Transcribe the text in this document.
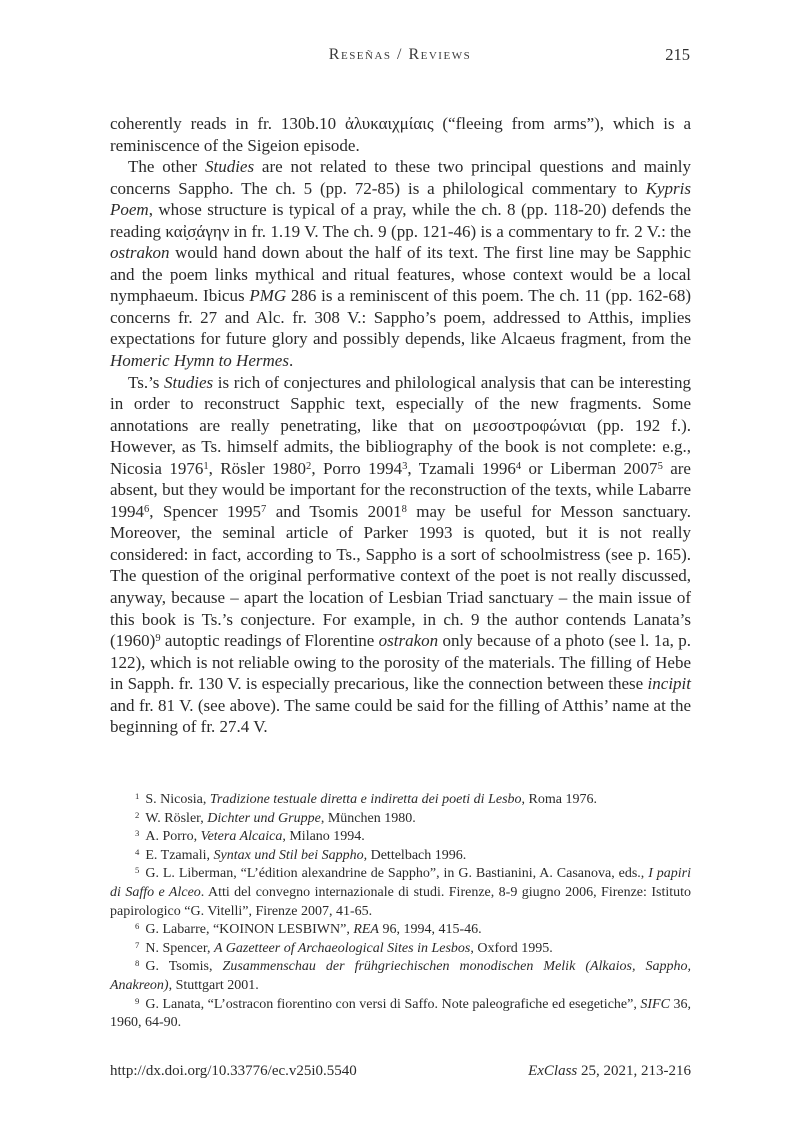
Reseñas / Reviews	215

coherently reads in fr. 130b.10 ἀλυκαιχμίαις (“fleeing from arms”), which is a reminiscence of the Sigeion episode.

The other Studies are not related to these two principal questions and mainly concerns Sappho. The ch. 5 (pp. 72-85) is a philological commentary to Kypris Poem, whose structure is typical of a pray, while the ch. 8 (pp. 118-20) defends the reading καἰ̣σ̣άγην in fr. 1.19 V. The ch. 9 (pp. 121-46) is a commentary to fr. 2 V.: the ostrakon would hand down about the half of its text. The first line may be Sapphic and the poem links mythical and ritual features, whose context would be a local nymphaeum. Ibicus PMG 286 is a reminiscent of this poem. The ch. 11 (pp. 162-68) concerns fr. 27 and Alc. fr. 308 V.: Sappho’s poem, addressed to Atthis, implies expectations for future glory and possibly depends, like Alcaeus fragment, from the Homeric Hymn to Hermes.

Ts.’s Studies is rich of conjectures and philological analysis that can be interesting in order to reconstruct Sapphic text, especially of the new fragments. Some annotations are really penetrating, like that on μεσοστροφώνιαι (pp. 192 f.). However, as Ts. himself admits, the bibliography of the book is not complete: e.g., Nicosia 1976$^1$, Rösler 1980$^2$, Porro 1994$^3$, Tzamali 1996$^4$ or Liberman 2007$^5$ are absent, but they would be important for the reconstruction of the texts, while Labarre 1994$^6$, Spencer 1995$^7$ and Tsomis 2001$^8$ may be useful for Messon sanctuary. Moreover, the seminal article of Parker 1993 is quoted, but it is not really considered: in fact, according to Ts., Sappho is a sort of schoolmistress (see p. 165). The question of the original performative context of the poet is not really discussed, anyway, because – apart the location of Lesbian Triad sanctuary – the main issue of this book is Ts.’s conjecture. For example, in ch. 9 the author contends Lanata’s $(1960)^9$ autoptic readings of Florentine ostrakon only because of a photo (see l. 1a, p. 122), which is not reliable owing to the porosity of the materials. The filling of Hebe in Sapph. fr. 130 V. is especially precarious, like the connection between these incipit and fr. 81 V. (see above). The same could be said for the filling of Atthis’ name at the beginning of fr. 27.4 V.

$^1$ S. Nicosia, Tradizione testuale diretta e indiretta dei poeti di Lesbo, Roma 1976.

$^2$ W. Rösler, Dichter und Gruppe, München 1980.

$^3$ A. Porro, Vetera Alcaica, Milano 1994.

$^4$ E. Tzamali, Syntax und Stil bei Sappho, Dettelbach 1996.

$^5$ G. L. Liberman, “L’édition alexandrine de Sappho”, in G. Bastianini, A. Casanova, eds., I papiri di Saffo e Alceo. Atti del convegno internazionale di studi. Firenze, 8-9 giugno 2006, Firenze: Istituto papirologico “G. Vitelli”, Firenze 2007, 41-65.

$^6$ G. Labarre, “KOINON LESBIWN”, REA 96, 1994, 415-46.

$^7$ N. Spencer, A Gazetteer of Archaeological Sites in Lesbos, Oxford 1995.

$^8$ G. Tsomis, Zusammenschau der frühgriechischen monodischen Melik (Alkaios, Sappho, Anakreon), Stuttgart 2001.

$^9$ G. Lanata, “L’ostracon fiorentino con versi di Saffo. Note paleografiche ed esegetiche”, SIFC 36, 1960, 64-90.

http://dx.doi.org/10.33776/ec.v25i0.5540	ExClass 25, 2021, 213-216
